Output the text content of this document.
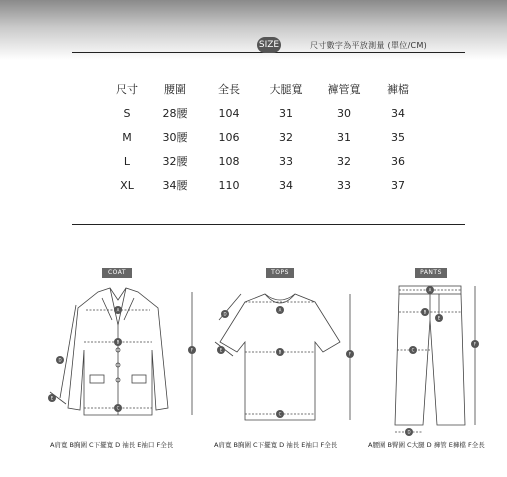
SIZE	尺寸數字為平放測量 (單位/CM)
尺寸	腰圍	全長	大腿寬	褲管寬	褲檔
S	28腰	104	31	30	34
M	30腰	106	32	31	35
L	32腰	108	33	32	36
XL	34腰	110	34	33	37
COAT
A
B
C
D
E
F
A肩寬 B胸圍 C下擺寬 D 袖長 E袖口 F全長
TOPS
A
B
C
D
E
F
A肩寬 B胸圍 C下擺寬 D 袖長 E袖口 F全長
PANTS
A
B
C
D
E
F
A腰圍 B臀圍 C大腿 D 褲管 E褲檔 F全長
